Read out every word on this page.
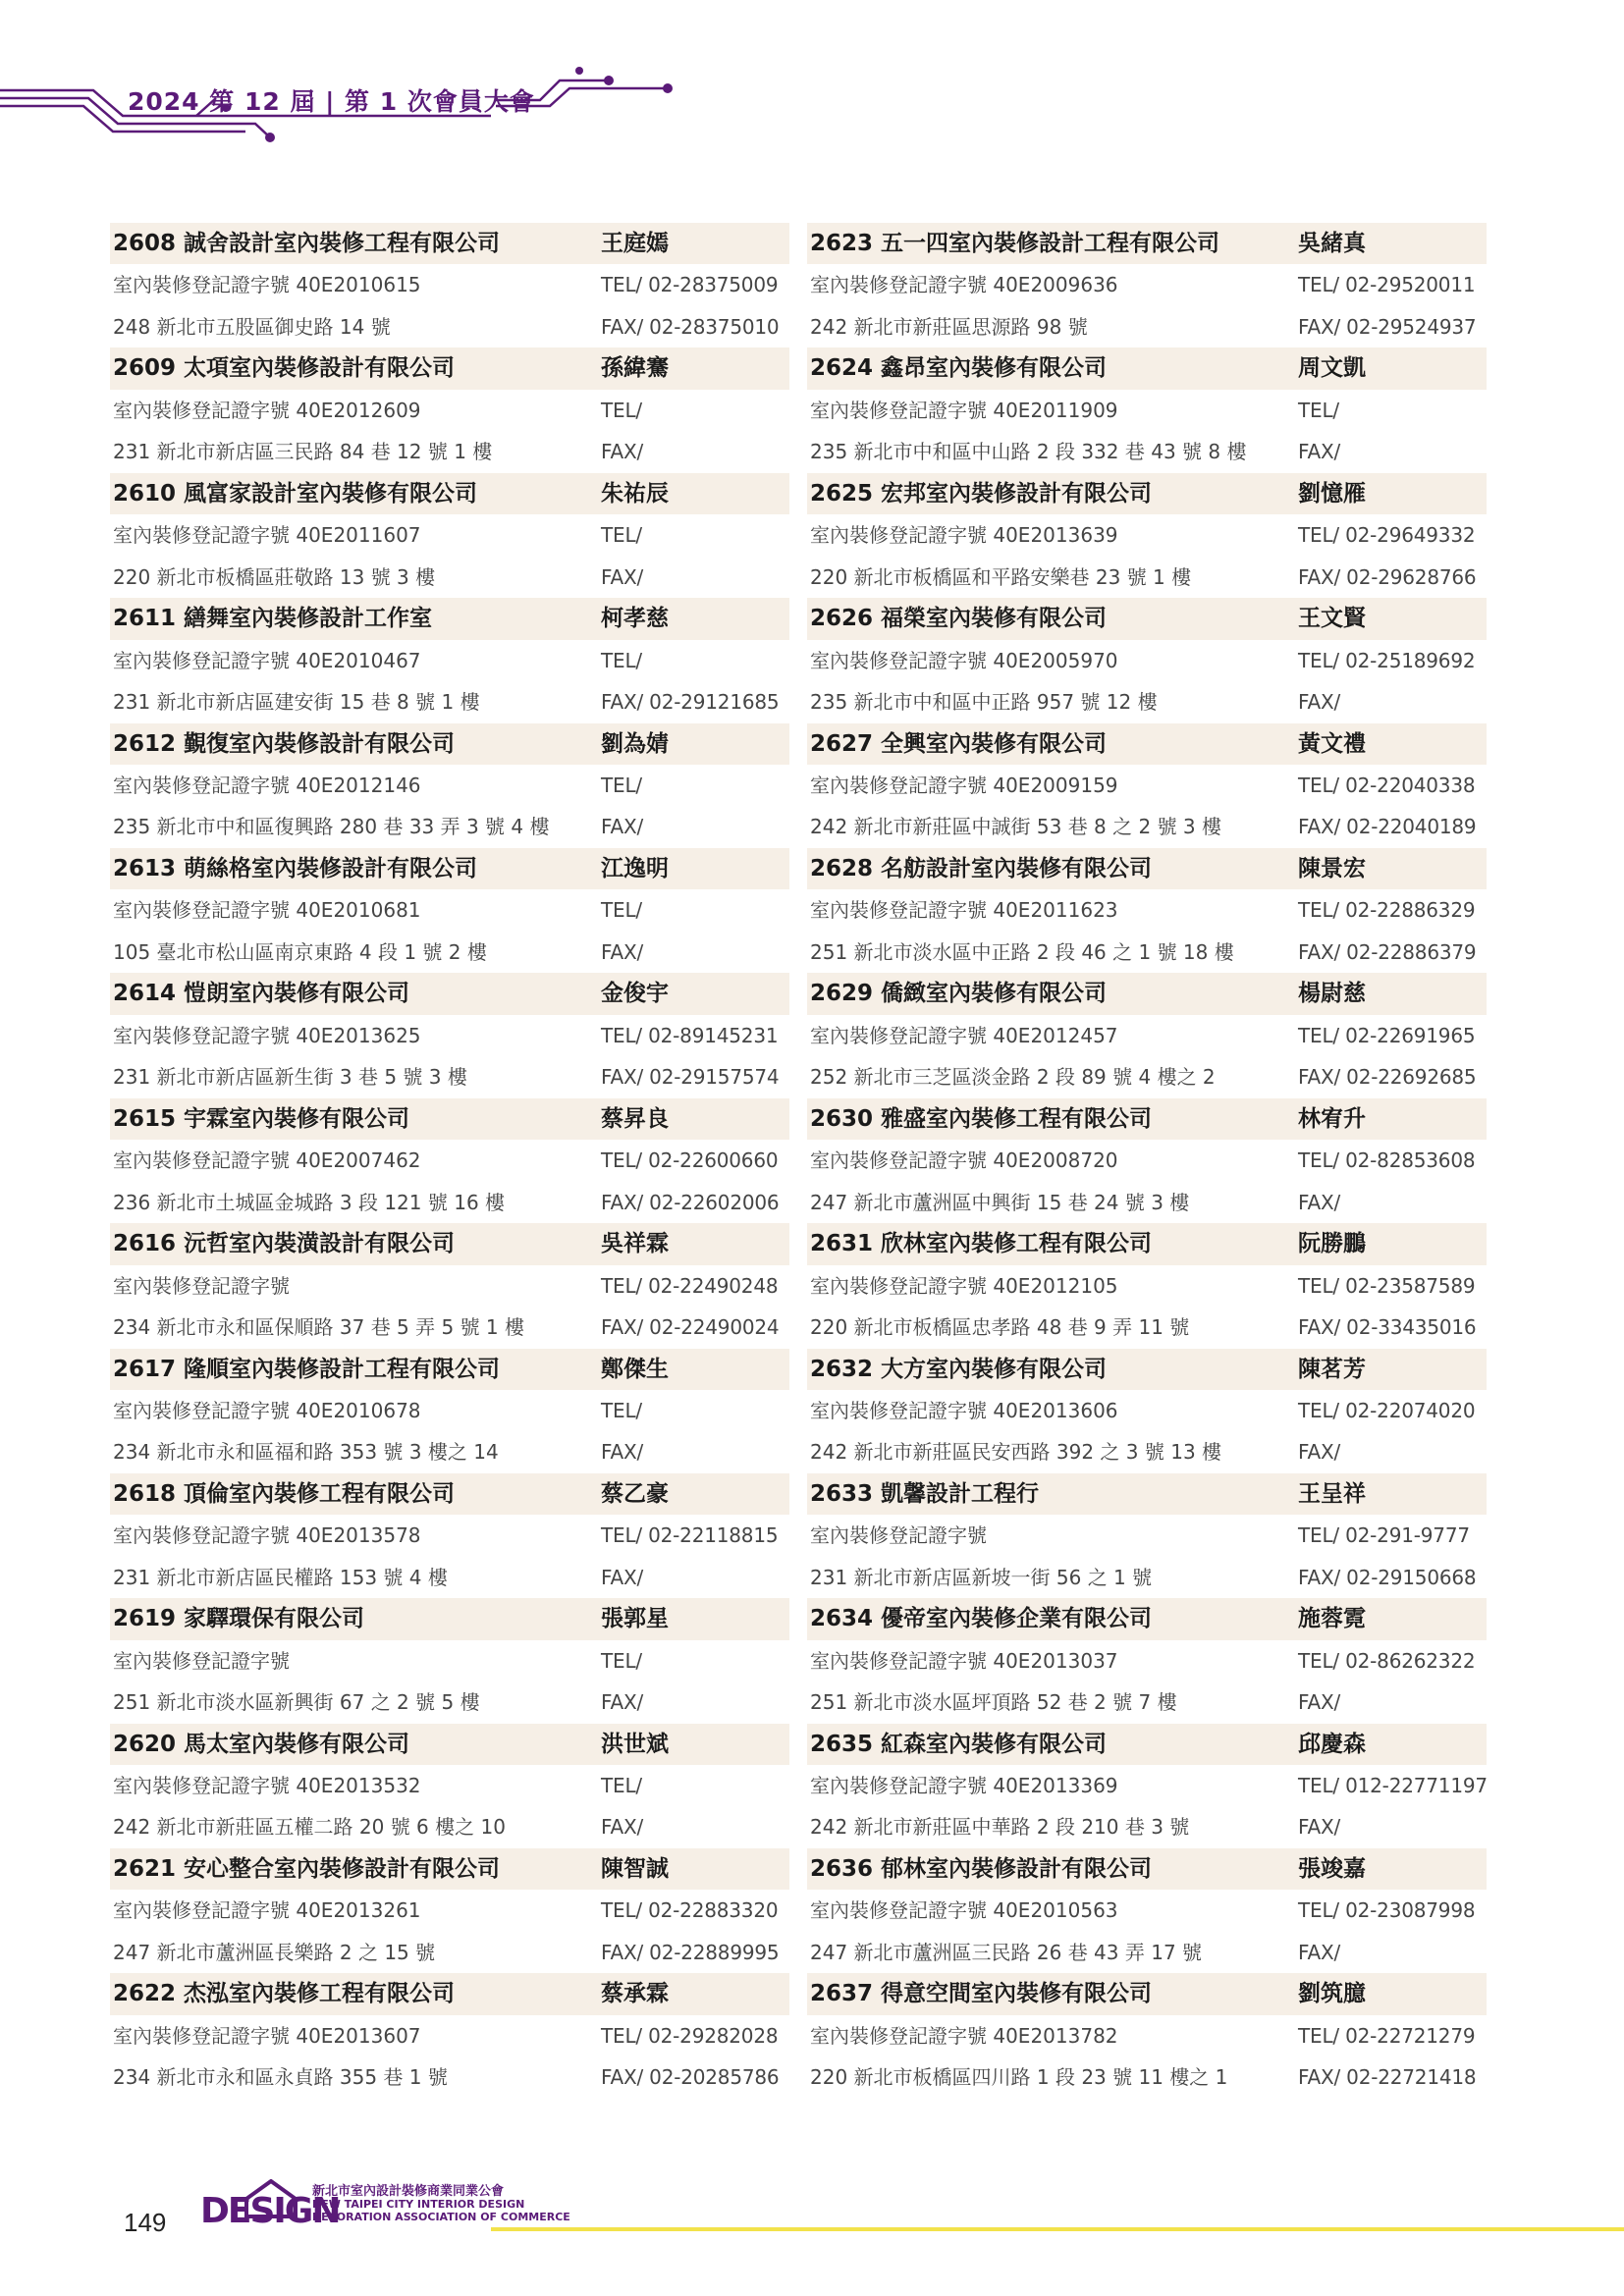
2024 第 12 屆 | 第 1 次會員大會
2608 誠舍設計室內裝修工程有限公司	王庭嫣
室內裝修登記證字號 40E2010615	TEL/ 02-28375009
248 新北市五股區御史路 14 號	FAX/ 02-28375010
2609 太項室內裝修設計有限公司	孫緯騫
室內裝修登記證字號 40E2012609	TEL/
231 新北市新店區三民路 84 巷 12 號 1 樓	FAX/
2610 風富家設計室內裝修有限公司	朱祐辰
室內裝修登記證字號 40E2011607	TEL/
220 新北市板橋區莊敬路 13 號 3 樓	FAX/
2611 繕舞室內裝修設計工作室	柯孝慈
室內裝修登記證字號 40E2010467	TEL/
231 新北市新店區建安街 15 巷 8 號 1 樓	FAX/ 02-29121685
2612 覲復室內裝修設計有限公司	劉為婧
室內裝修登記證字號 40E2012146	TEL/
235 新北市中和區復興路 280 巷 33 弄 3 號 4 樓	FAX/
2613 萌絲格室內裝修設計有限公司	江逸明
室內裝修登記證字號 40E2010681	TEL/
105 臺北市松山區南京東路 4 段 1 號 2 樓	FAX/
2614 愷朗室內裝修有限公司	金俊宇
室內裝修登記證字號 40E2013625	TEL/ 02-89145231
231 新北市新店區新生街 3 巷 5 號 3 樓	FAX/ 02-29157574
2615 宇霖室內裝修有限公司	蔡昇良
室內裝修登記證字號 40E2007462	TEL/ 02-22600660
236 新北市土城區金城路 3 段 121 號 16 樓	FAX/ 02-22602006
2616 沅哲室內裝潢設計有限公司	吳祥霖
室內裝修登記證字號	TEL/ 02-22490248
234 新北市永和區保順路 37 巷 5 弄 5 號 1 樓	FAX/ 02-22490024
2617 隆順室內裝修設計工程有限公司	鄭傑生
室內裝修登記證字號 40E2010678	TEL/
234 新北市永和區福和路 353 號 3 樓之 14	FAX/
2618 頂倫室內裝修工程有限公司	蔡乙豪
室內裝修登記證字號 40E2013578	TEL/ 02-22118815
231 新北市新店區民權路 153 號 4 樓	FAX/
2619 家驛環保有限公司	張郭星
室內裝修登記證字號	TEL/
251 新北市淡水區新興街 67 之 2 號 5 樓	FAX/
2620 馬太室內裝修有限公司	洪世斌
室內裝修登記證字號 40E2013532	TEL/
242 新北市新莊區五權二路 20 號 6 樓之 10	FAX/
2621 安心整合室內裝修設計有限公司	陳智誠
室內裝修登記證字號 40E2013261	TEL/ 02-22883320
247 新北市蘆洲區長樂路 2 之 15 號	FAX/ 02-22889995
2622 杰泓室內裝修工程有限公司	蔡承霖
室內裝修登記證字號 40E2013607	TEL/ 02-29282028
234 新北市永和區永貞路 355 巷 1 號	FAX/ 02-20285786
2623 五一四室內裝修設計工程有限公司	吳緒真
室內裝修登記證字號 40E2009636	TEL/ 02-29520011
242 新北市新莊區思源路 98 號	FAX/ 02-29524937
2624 鑫昂室內裝修有限公司	周文凱
室內裝修登記證字號 40E2011909	TEL/
235 新北市中和區中山路 2 段 332 巷 43 號 8 樓	FAX/
2625 宏邦室內裝修設計有限公司	劉憶雁
室內裝修登記證字號 40E2013639	TEL/ 02-29649332
220 新北市板橋區和平路安樂巷 23 號 1 樓	FAX/ 02-29628766
2626 福榮室內裝修有限公司	王文賢
室內裝修登記證字號 40E2005970	TEL/ 02-25189692
235 新北市中和區中正路 957 號 12 樓	FAX/
2627 全興室內裝修有限公司	黃文禮
室內裝修登記證字號 40E2009159	TEL/ 02-22040338
242 新北市新莊區中誠街 53 巷 8 之 2 號 3 樓	FAX/ 02-22040189
2628 名舫設計室內裝修有限公司	陳景宏
室內裝修登記證字號 40E2011623	TEL/ 02-22886329
251 新北市淡水區中正路 2 段 46 之 1 號 18 樓	FAX/ 02-22886379
2629 僑緻室內裝修有限公司	楊尉慈
室內裝修登記證字號 40E2012457	TEL/ 02-22691965
252 新北市三芝區淡金路 2 段 89 號 4 樓之 2	FAX/ 02-22692685
2630 雅盛室內裝修工程有限公司	林宥升
室內裝修登記證字號 40E2008720	TEL/ 02-82853608
247 新北市蘆洲區中興街 15 巷 24 號 3 樓	FAX/
2631 欣林室內裝修工程有限公司	阮勝鵬
室內裝修登記證字號 40E2012105	TEL/ 02-23587589
220 新北市板橋區忠孝路 48 巷 9 弄 11 號	FAX/ 02-33435016
2632 大方室內裝修有限公司	陳茗芳
室內裝修登記證字號 40E2013606	TEL/ 02-22074020
242 新北市新莊區民安西路 392 之 3 號 13 樓	FAX/
2633 凱馨設計工程行	王呈祥
室內裝修登記證字號	TEL/ 02-291-9777
231 新北市新店區新坡一街 56 之 1 號	FAX/ 02-29150668
2634 優帝室內裝修企業有限公司	施蓉霓
室內裝修登記證字號 40E2013037	TEL/ 02-86262322
251 新北市淡水區坪頂路 52 巷 2 號 7 樓	FAX/
2635 紅森室內裝修有限公司	邱慶森
室內裝修登記證字號 40E2013369	TEL/ 012-22771197
242 新北市新莊區中華路 2 段 210 巷 3 號	FAX/
2636 郁林室內裝修設計有限公司	張竣嘉
室內裝修登記證字號 40E2010563	TEL/ 02-23087998
247 新北市蘆洲區三民路 26 巷 43 弄 17 號	FAX/
2637 得意空間室內裝修有限公司	劉筑臆
室內裝修登記證字號 40E2013782	TEL/ 02-22721279
220 新北市板橋區四川路 1 段 23 號 11 樓之 1	FAX/ 02-22721418
149 DESIGN
新北市室內設計裝修商業同業公會
NEW TAIPEI CITY INTERIOR DESIGN
DECORATION ASSOCIATION OF COMMERCE
